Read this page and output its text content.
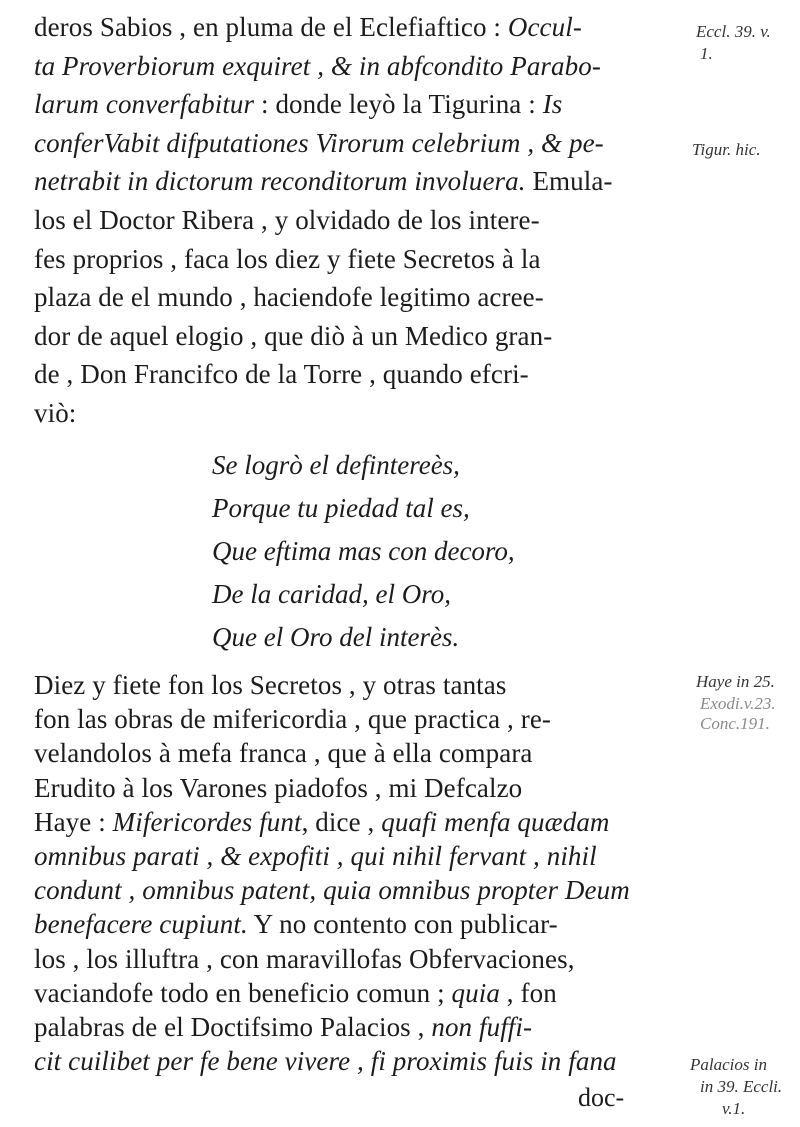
deros Sabios , en pluma de el Eclefiaftico : Occul-
ta Proverbiorum exquiret , & in abfcondito Parabo-
larum converfabitur : donde leyò la Tigurina : Is
conferVabit difputationes Virorum celebrium , & pe-
netrabit in dictorum reconditorum involuera. Emula-
los el Doctor Ribera , y olvidado de los intere-
fes proprios , faca los diez y fiete Secretos à la
plaza de el mundo , haciendofe legitimo acree-
dor de aquel elogio , que diò à un Medico gran-
de , Don Francifco de la Torre , quando efcri-
viò:
Se logrò el defintereès,
Porque tu piedad tal es,
Que eftima mas con decoro,
De la caridad, el Oro,
Que el Oro del interès.
Diez y fiete fon los Secretos , y otras tantas
fon las obras de mifericordia , que practica , re-
velandolos à mefa franca , que à ella compara
Erudito à los Varones piadofos , mi Defcalzo
Haye : Mifericordes funt, dice , quafi menfa quædam
omnibus parati , & expofiti , qui nihil fervant , nihil
condunt , omnibus patent, quia omnibus propter Deum
benefacere cupiunt. Y no contento con publicar-
los , los illuftra , con maravillofas Obfervaciones,
vaciandofe todo en beneficio comun ; quia , fon
palabras de el Doctifsimo Palacios , non fuffi-
cit cuilibet per fe bene vivere , fi proximis fuis in fana
Eccl. 39. v.
1.
Tigur. hic.
Haye in 25.
Exodi.v.23.
Conc.191.
Palacios in
in 39. Eccli.
v.1.
doc-
